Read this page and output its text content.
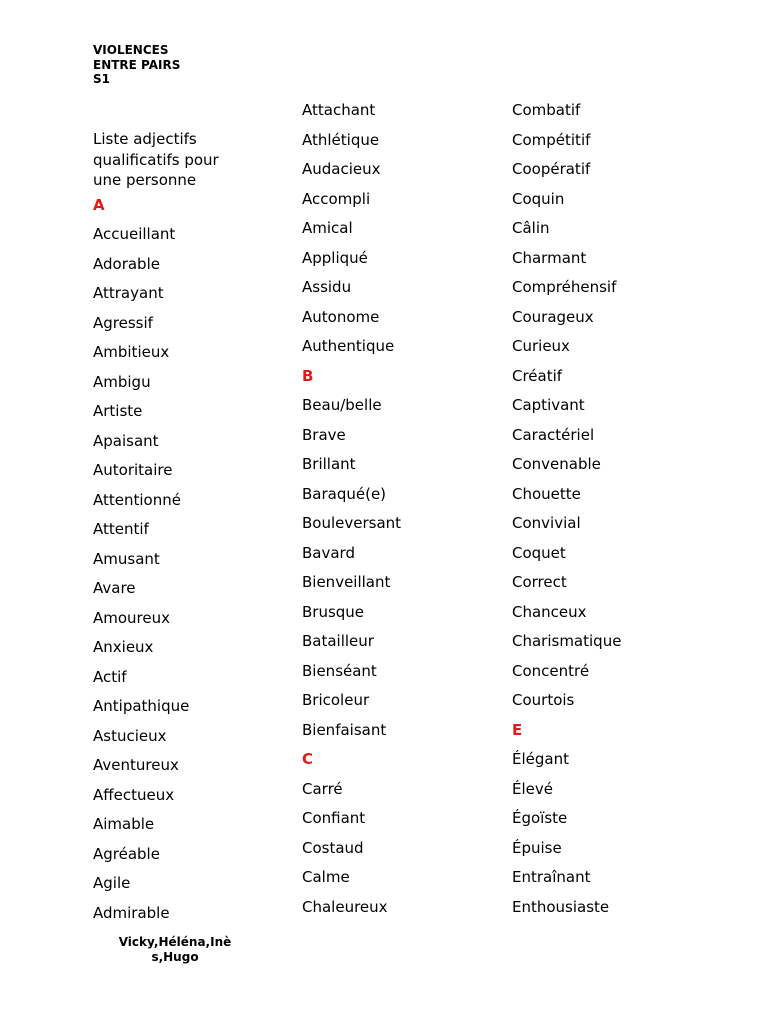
VIOLENCES
ENTRE PAIRS
S1
Liste adjectifs qualificatifs pour une personne
A
Accueillant
Adorable
Attrayant
Agressif
Ambitieux
Ambigu
Artiste
Apaisant
Autoritaire
Attentionné
Attentif
Amusant
Avare
Amoureux
Anxieux
Actif
Antipathique
Astucieux
Aventureux
Affectueux
Aimable
Agréable
Agile
Admirable
Attachant
Athlétique
Audacieux
Accompli
Amical
Appliqué
Assidu
Autonome
Authentique
B
Beau/belle
Brave
Brillant
Baraqué(e)
Bouleversant
Bavard
Bienveillant
Brusque
Batailleur
Bienséant
Bricoleur
Bienfaisant
C
Carré
Confiant
Costaud
Calme
Chaleureux
Combatif
Compétitif
Coopératif
Coquin
Câlin
Charmant
Compréhensif
Courageux
Curieux
Créatif
Captivant
Caractériel
Convenable
Chouette
Convivial
Coquet
Correct
Chanceux
Charismatique
Concentré
Courtois
E
Élégant
Élevé
Égoïste
Épuise
Entraînant
Enthousiaste
Vicky,Héléna,Inès,Hugo
